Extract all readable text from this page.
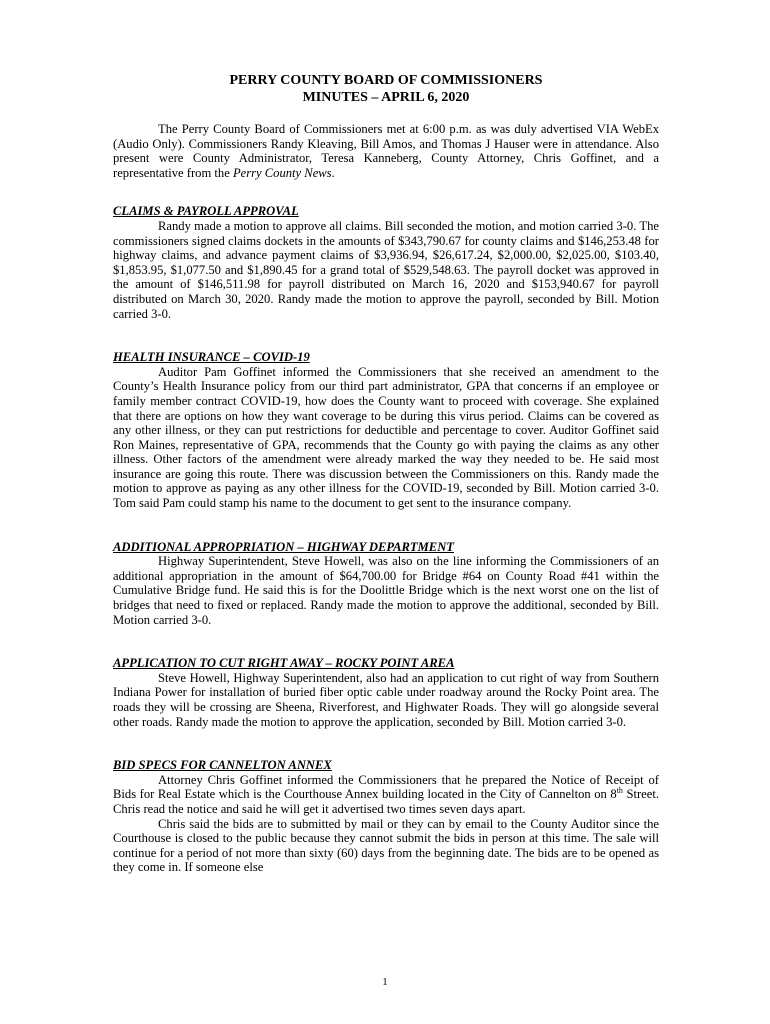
PERRY COUNTY BOARD OF COMMISSIONERS

MINUTES – APRIL 6, 2020

The Perry County Board of Commissioners met at 6:00 p.m. as was duly advertised VIA WebEx (Audio Only). Commissioners Randy Kleaving, Bill Amos, and Thomas J Hauser were in attendance. Also present were County Administrator, Teresa Kanneberg, County Attorney, Chris Goffinet, and a representative from the Perry County News.

CLAIMS & PAYROLL APPROVAL

Randy made a motion to approve all claims. Bill seconded the motion, and motion carried 3-0. The commissioners signed claims dockets in the amounts of $343,790.67 for county claims and $146,253.48 for highway claims, and advance payment claims of $3,936.94, $26,617.24, $2,000.00, $2,025.00, $103.40, $1,853.95, $1,077.50 and $1,890.45 for a grand total of $529,548.63. The payroll docket was approved in the amount of $146,511.98 for payroll distributed on March 16, 2020 and $153,940.67 for payroll distributed on March 30, 2020. Randy made the motion to approve the payroll, seconded by Bill. Motion carried 3-0.

HEALTH INSURANCE – COVID-19

Auditor Pam Goffinet informed the Commissioners that she received an amendment to the County’s Health Insurance policy from our third part administrator, GPA that concerns if an employee or family member contract COVID-19, how does the County want to proceed with coverage. She explained that there are options on how they want coverage to be during this virus period. Claims can be covered as any other illness, or they can put restrictions for deductible and percentage to cover. Auditor Goffinet said Ron Maines, representative of GPA, recommends that the County go with paying the claims as any other illness. Other factors of the amendment were already marked the way they needed to be. He said most insurance are going this route. There was discussion between the Commissioners on this. Randy made the motion to approve as paying as any other illness for the COVID-19, seconded by Bill. Motion carried 3-0. Tom said Pam could stamp his name to the document to get sent to the insurance company.

ADDITIONAL APPROPRIATION – HIGHWAY DEPARTMENT

Highway Superintendent, Steve Howell, was also on the line informing the Commissioners of an additional appropriation in the amount of $64,700.00 for Bridge #64 on County Road #41 within the Cumulative Bridge fund. He said this is for the Doolittle Bridge which is the next worst one on the list of bridges that need to fixed or replaced. Randy made the motion to approve the additional, seconded by Bill. Motion carried 3-0.

APPLICATION TO CUT RIGHT AWAY – ROCKY POINT AREA

Steve Howell, Highway Superintendent, also had an application to cut right of way from Southern Indiana Power for installation of buried fiber optic cable under roadway around the Rocky Point area. The roads they will be crossing are Sheena, Riverforest, and Highwater Roads. They will go alongside several other roads. Randy made the motion to approve the application, seconded by Bill. Motion carried 3-0.

BID SPECS FOR CANNELTON ANNEX

Attorney Chris Goffinet informed the Commissioners that he prepared the Notice of Receipt of Bids for Real Estate which is the Courthouse Annex building located in the City of Cannelton on 8th Street. Chris read the notice and said he will get it advertised two times seven days apart.

Chris said the bids are to submitted by mail or they can by email to the County Auditor since the Courthouse is closed to the public because they cannot submit the bids in person at this time. The sale will continue for a period of not more than sixty (60) days from the beginning date. The bids are to be opened as they come in. If someone else

1
